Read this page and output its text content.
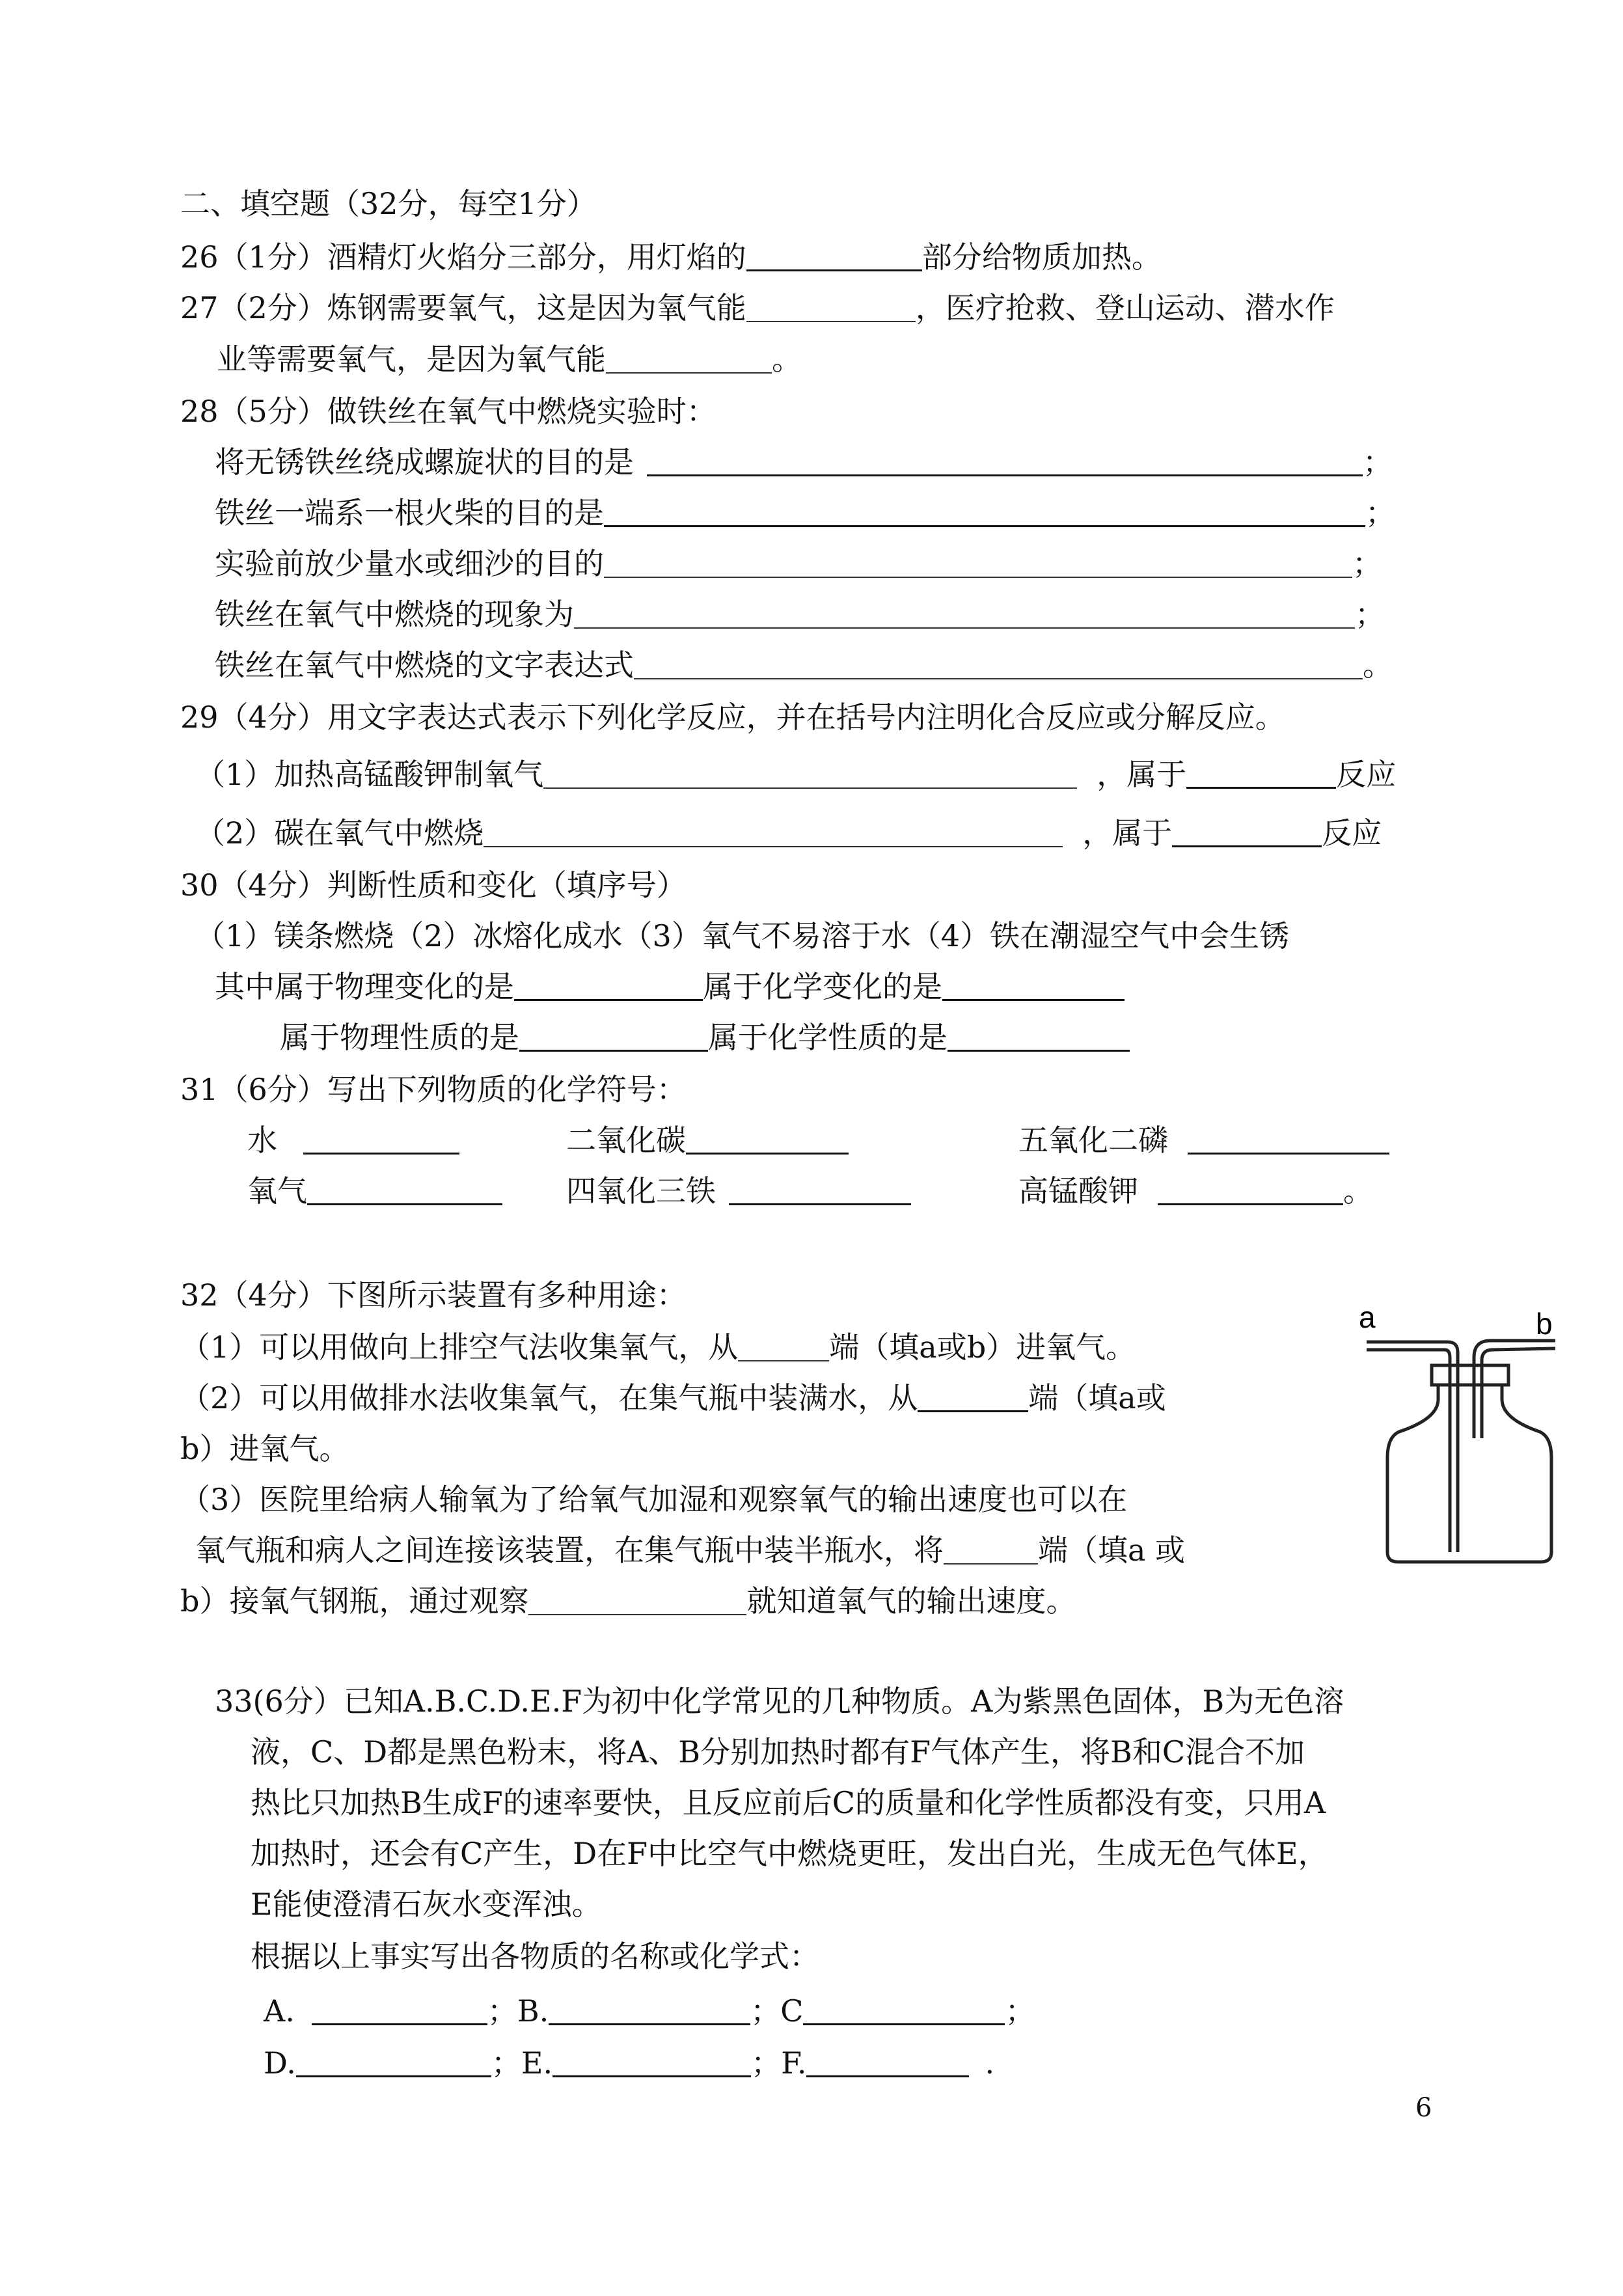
二、填空题（32分，每空1分）
26（1分）酒精灯火焰分三部分，用灯焰的	部分给物质加热。
27（2分）炼钢需要氧气，这是因为氧气能	，医疗抢救、登山运动、潜水作
业等需要氧气，是因为氧气能	。
28（5分）做铁丝在氧气中燃烧实验时：
将无锈铁丝绕成螺旋状的目的是	；
铁丝一端系一根火柴的目的是	；
实验前放少量水或细沙的目的	；
铁丝在氧气中燃烧的现象为	；
铁丝在氧气中燃烧的文字表达式	。
29（4分）用文字表达式表示下列化学反应，并在括号内注明化合反应或分解反应。
（1）加热高锰酸钾制氧气	，属于	反应
（2）碳在氧气中燃烧	，属于	反应
30（4分）判断性质和变化（填序号）
（1）镁条燃烧（2）冰熔化成水（3）氧气不易溶于水（4）铁在潮湿空气中会生锈
其中属于物理变化的是	属于化学变化的是
属于物理性质的是	属于化学性质的是
31（6分）写出下列物质的化学符号：
水	二氧化碳	五氧化二磷
氧气	四氧化三铁	高锰酸钾	。
32（4分）下图所示装置有多种用途：
（1）可以用做向上排空气法收集氧气，从	端（填a或b）进氧气。
（2）可以用做排水法收集氧气，在集气瓶中装满水，从	端（填a或
b）进氧气。
（3）医院里给病人输氧为了给氧气加湿和观察氧气的输出速度也可以在
氧气瓶和病人之间连接该装置，在集气瓶中装半瓶水，将	端（填a 或
b）接氧气钢瓶，通过观察	就知道氧气的输出速度。
a	b
33(6分）已知A.B.C.D.E.F为初中化学常见的几种物质。A为紫黑色固体，B为无色溶
液，C、D都是黑色粉末，将A、B分别加热时都有F气体产生，将B和C混合不加
热比只加热B生成F的速率要快，且反应前后C的质量和化学性质都没有变，只用A
加热时，还会有C产生，D在F中比空气中燃烧更旺，发出白光，生成无色气体E，
E能使澄清石灰水变浑浊。
根据以上事实写出各物质的名称或化学式：
A.	；B.	；C	；
D.	；E.	；F.	.
6
